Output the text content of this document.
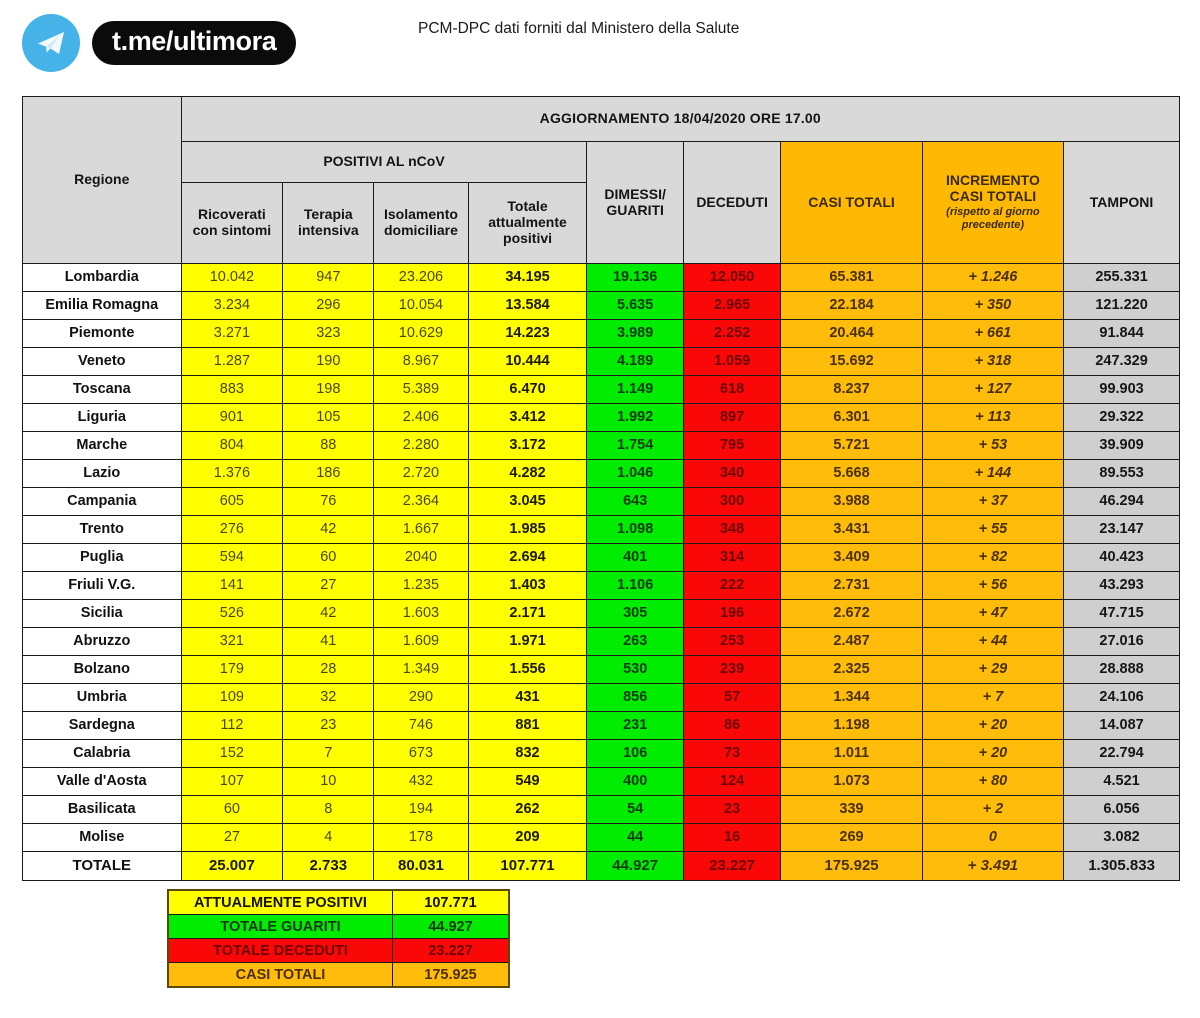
t.me/ultimora	PCM-DPC dati forniti dal Ministero della Salute
Regione	AGGIORNAMENTO 18/04/2020 ORE 17.00								
	POSITIVI AL nCoV				DIMESSI/
GUARITI	DECEDUTI	CASI TOTALI	INCREMENTO
CASI TOTALI
(rispetto al giorno precedente)	TAMPONI
	Ricoverati
con sintomi	Terapia
intensiva	Isolamento
domiciliare	Totale
attualmente
positivi					
Lombardia	10.042	947	23.206	34.195	19.136	12.050	65.381	+ 1.246	255.331
Emilia Romagna	3.234	296	10.054	13.584	5.635	2.965	22.184	+ 350	121.220
Piemonte	3.271	323	10.629	14.223	3.989	2.252	20.464	+ 661	91.844
Veneto	1.287	190	8.967	10.444	4.189	1.059	15.692	+ 318	247.329
Toscana	883	198	5.389	6.470	1.149	618	8.237	+ 127	99.903
Liguria	901	105	2.406	3.412	1.992	897	6.301	+ 113	29.322
Marche	804	88	2.280	3.172	1.754	795	5.721	+ 53	39.909
Lazio	1.376	186	2.720	4.282	1.046	340	5.668	+ 144	89.553
Campania	605	76	2.364	3.045	643	300	3.988	+ 37	46.294
Trento	276	42	1.667	1.985	1.098	348	3.431	+ 55	23.147
Puglia	594	60	2040	2.694	401	314	3.409	+ 82	40.423
Friuli V.G.	141	27	1.235	1.403	1.106	222	2.731	+ 56	43.293
Sicilia	526	42	1.603	2.171	305	196	2.672	+ 47	47.715
Abruzzo	321	41	1.609	1.971	263	253	2.487	+ 44	27.016
Bolzano	179	28	1.349	1.556	530	239	2.325	+ 29	28.888
Umbria	109	32	290	431	856	57	1.344	+ 7	24.106
Sardegna	112	23	746	881	231	86	1.198	+ 20	14.087
Calabria	152	7	673	832	106	73	1.011	+ 20	22.794
Valle d'Aosta	107	10	432	549	400	124	1.073	+ 80	4.521
Basilicata	60	8	194	262	54	23	339	+ 2	6.056
Molise	27	4	178	209	44	16	269	0	3.082
TOTALE	25.007	2.733	80.031	107.771	44.927	23.227	175.925	+ 3.491	1.305.833
ATTUALMENTE POSITIVI	107.771
TOTALE GUARITI	44.927
TOTALE DECEDUTI	23.227
CASI TOTALI	175.925
